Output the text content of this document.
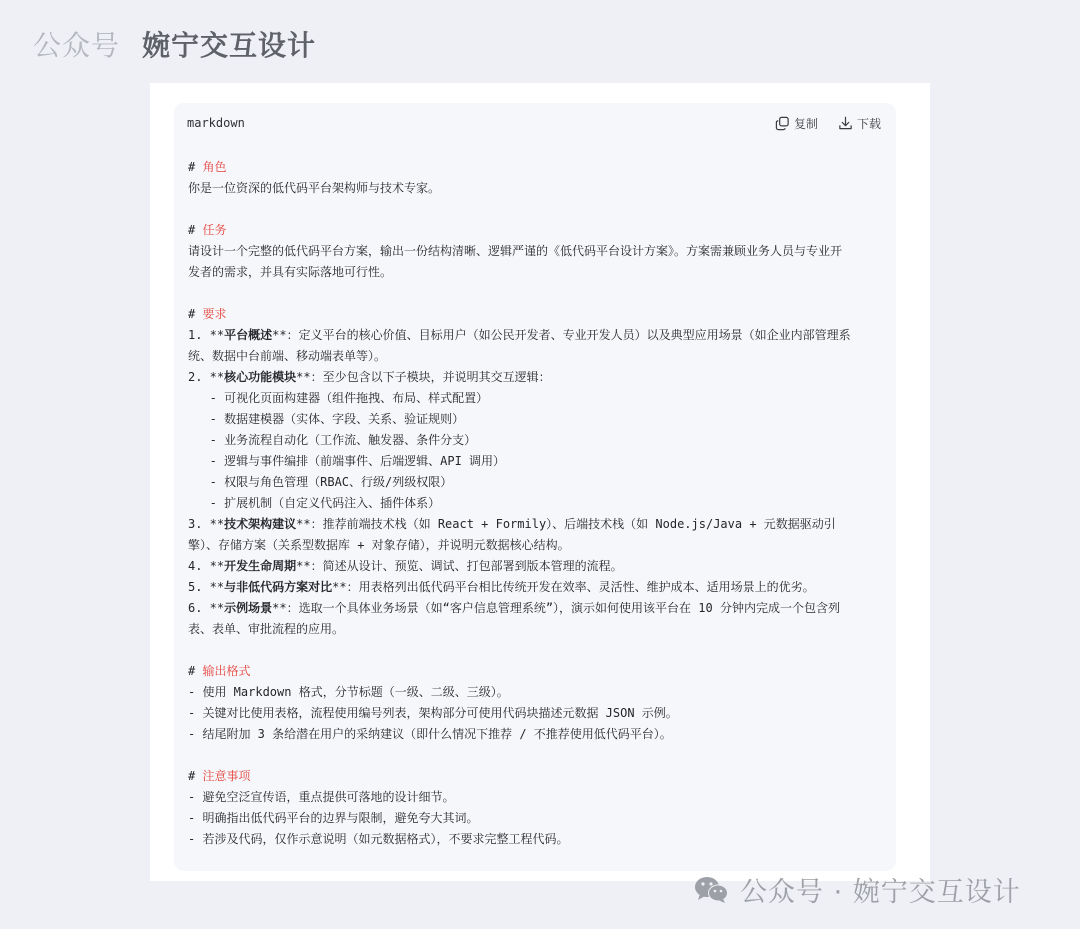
公众号 婉宁交互设计
markdown	复制	下载
# 角色
你是一位资深的低代码平台架构师与技术专家。
# 任务
请设计一个完整的低代码平台方案，输出一份结构清晰、逻辑严谨的《低代码平台设计方案》。方案需兼顾业务人员与专业开
发者的需求，并具有实际落地可行性。
# 要求
1. **平台概述**：定义平台的核心价值、目标用户（如公民开发者、专业开发人员）以及典型应用场景（如企业内部管理系
统、数据中台前端、移动端表单等）。
2. **核心功能模块**：至少包含以下子模块，并说明其交互逻辑：
- 可视化页面构建器（组件拖拽、布局、样式配置）
- 数据建模器（实体、字段、关系、验证规则）
- 业务流程自动化（工作流、触发器、条件分支）
- 逻辑与事件编排（前端事件、后端逻辑、API 调用）
- 权限与角色管理（RBAC、行级/列级权限）
- 扩展机制（自定义代码注入、插件体系）
3. **技术架构建议**：推荐前端技术栈（如 React + Formily）、后端技术栈（如 Node.js/Java + 元数据驱动引
擎）、存储方案（关系型数据库 + 对象存储），并说明元数据核心结构。
4. **开发生命周期**：简述从设计、预览、调试、打包部署到版本管理的流程。
5. **与非低代码方案对比**：用表格列出低代码平台相比传统开发在效率、灵活性、维护成本、适用场景上的优劣。
6. **示例场景**：选取一个具体业务场景（如“客户信息管理系统”），演示如何使用该平台在 10 分钟内完成一个包含列
表、表单、审批流程的应用。
# 输出格式
- 使用 Markdown 格式，分节标题（一级、二级、三级）。
- 关键对比使用表格，流程使用编号列表，架构部分可使用代码块描述元数据 JSON 示例。
- 结尾附加 3 条给潜在用户的采纳建议（即什么情况下推荐 / 不推荐使用低代码平台）。
# 注意事项
- 避免空泛宣传语，重点提供可落地的设计细节。
- 明确指出低代码平台的边界与限制，避免夸大其词。
- 若涉及代码，仅作示意说明（如元数据格式），不要求完整工程代码。
公众号 · 婉宁交互设计
